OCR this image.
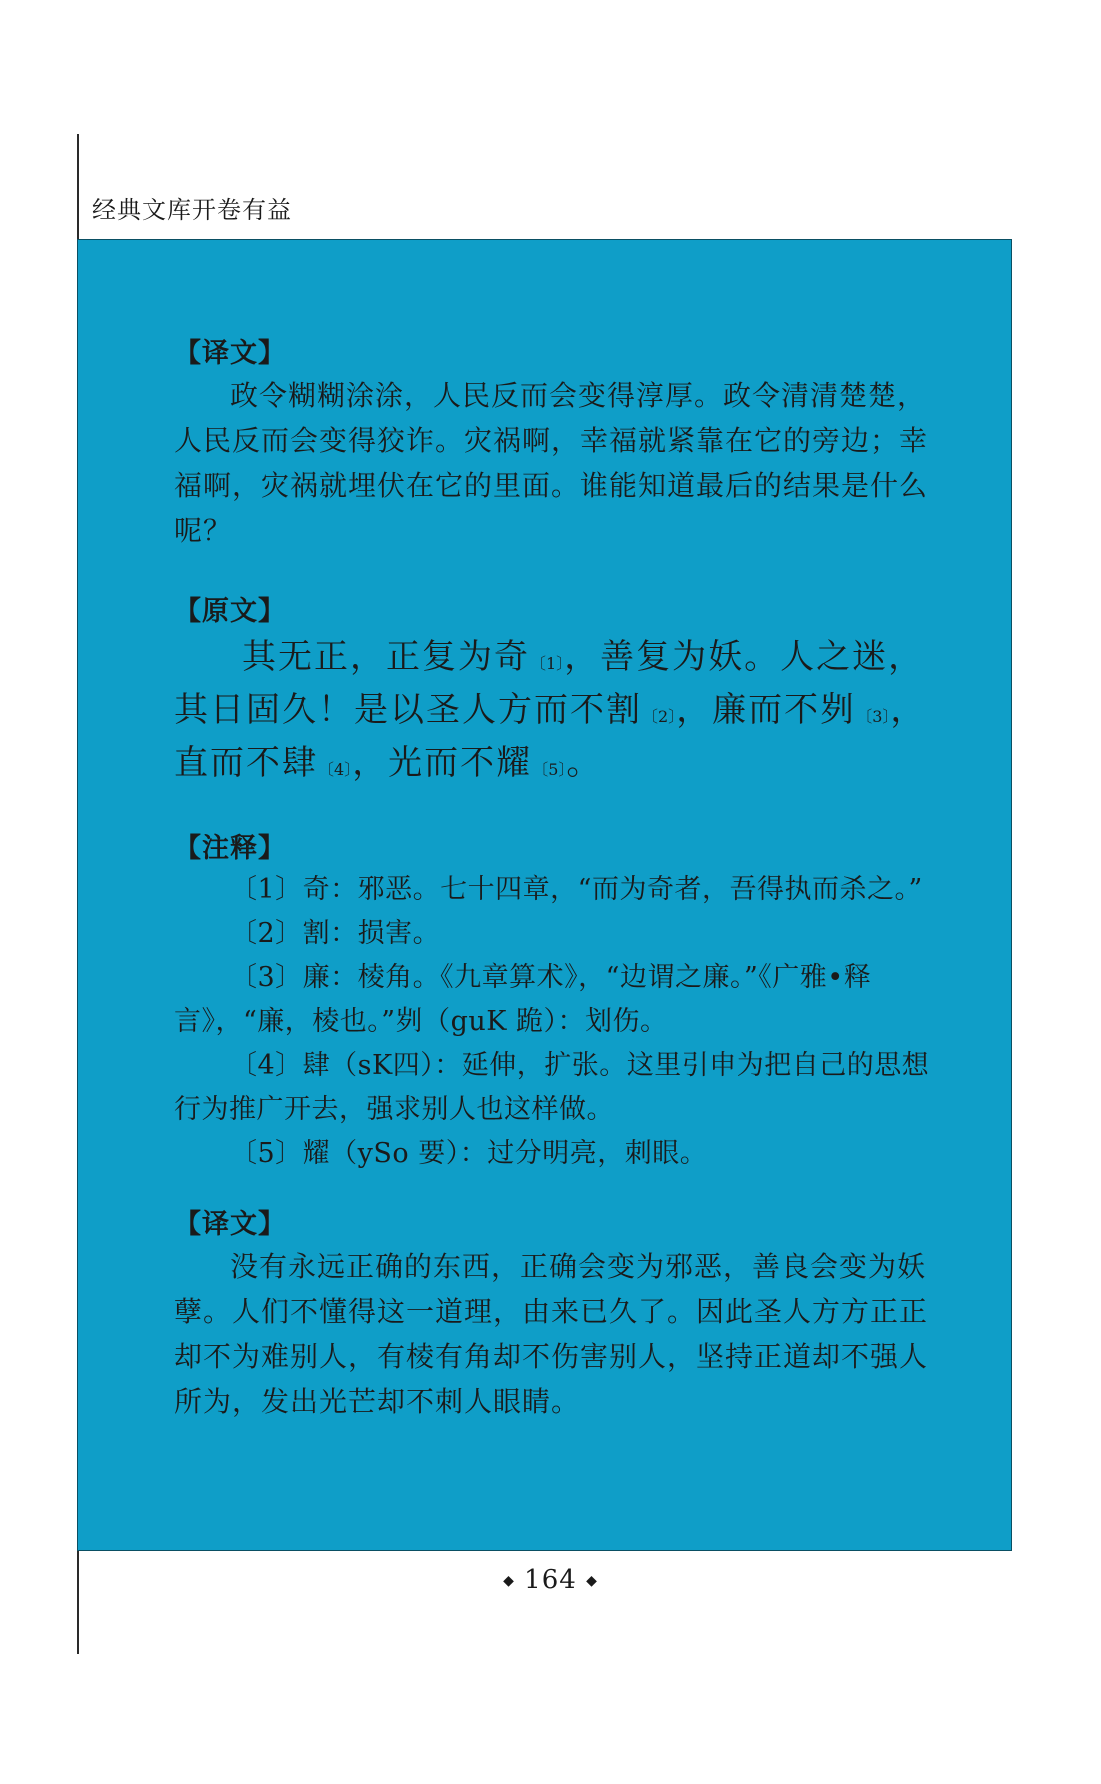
经典文库开卷有益

【译文】

政令糊糊涂涂，人民反而会变得淳厚。政令清清楚楚，人民反而会变得狡诈。灾祸啊，幸福就紧靠在它的旁边；幸福啊，灾祸就埋伏在它的里面。谁能知道最后的结果是什么呢？

【原文】

其无正，正复为奇$^{〔1〕}$，善复为妖。人之迷，其日固久！是以圣人方而不割$^{〔2〕}$，廉而不刿$^{〔3〕}$，直而不肆$^{〔4〕}$，光而不耀$^{〔5〕}$。

【注释】

〔1〕奇：邪恶。七十四章，“而为奇者，吾得执而杀之。”

〔2〕割：损害。

〔3〕廉：棱角。《九章算术》，“边谓之廉。”《广雅•释言》，“廉，棱也。”刿（guK 跪）：划伤。

〔4〕肆（sK四）：延伸，扩张。这里引申为把自己的思想行为推广开去，强求别人也这样做。

〔5〕耀（ySo 要）：过分明亮，刺眼。

【译文】

没有永远正确的东西，正确会变为邪恶，善良会变为妖孽。人们不懂得这一道理，由来已久了。因此圣人方方正正却不为难别人，有棱有角却不伤害别人，坚持正道却不强人所为，发出光芒却不刺人眼睛。

◆ 164 ◆
